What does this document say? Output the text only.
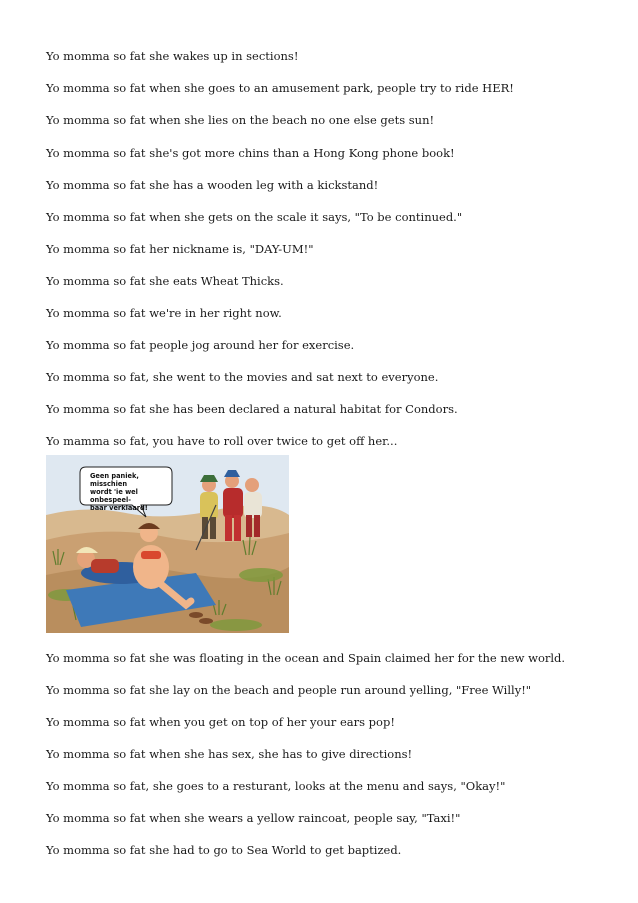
Yo momma so fat she wakes up in sections!
Yo momma so fat when she goes to an amusement park, people try to ride HER!
Yo momma so fat when she lies on the beach no one else gets sun!
Yo momma so fat she's got more chins than a Hong Kong phone book!
Yo momma so fat she has a wooden leg with a kickstand!
Yo momma so fat when she gets on the scale it says, "To be continued."
Yo momma so fat her nickname is, "DAY-UM!"
Yo momma so fat she eats Wheat Thicks.
Yo momma so fat we're in her right now.
Yo momma so fat people jog around her for exercise.
Yo momma so fat, she went to the movies and sat next to everyone.
Yo momma so fat she has been declared a natural habitat for Condors.
Yo mamma so fat, you have to roll over twice to get off her...
Geen paniek, misschien
wordt 'ie wel onbespeel-
baar verklaard!
Yo momma so fat she was floating in the ocean and Spain claimed her for the new world.
Yo momma so fat she lay on the beach and people run around yelling, "Free Willy!"
Yo momma so fat when you get on top of her your ears pop!
Yo momma so fat when she has sex, she has to give directions!
Yo momma so fat, she goes to a resturant, looks at the menu and says, "Okay!"
Yo momma so fat when she wears a yellow raincoat, people say, "Taxi!"
Yo momma so fat she had to go to Sea World to get baptized.
